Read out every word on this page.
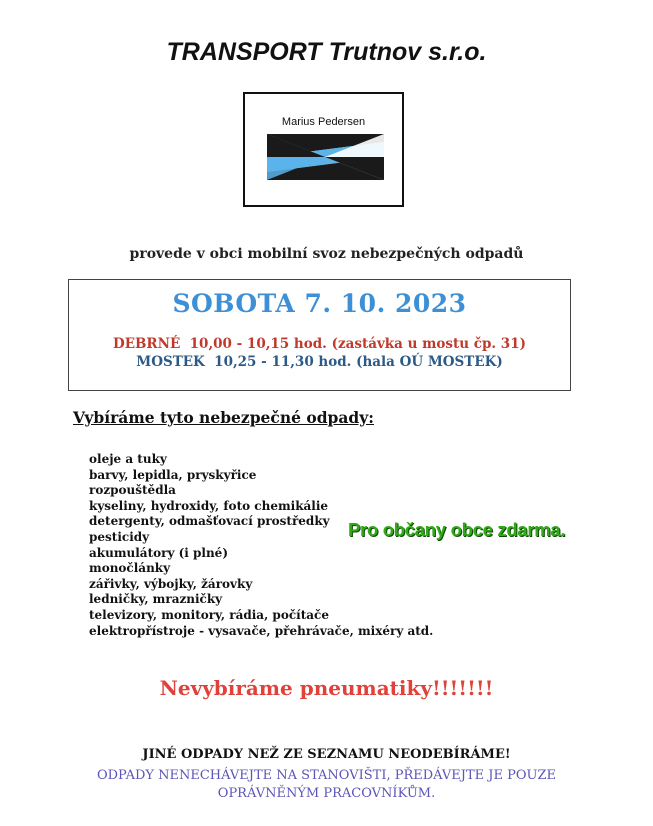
TRANSPORT Trutnov s.r.o.
Marius Pedersen
provede v obci mobilní svoz nebezpečných odpadů
SOBOTA 7. 10. 2023
DEBRNÉ  10,00 - 10,15 hod. (zastávka u mostu čp. 31)
MOSTEK  10,25 - 11,30 hod. (hala OÚ MOSTEK)
Vybíráme tyto nebezpečné odpady:
oleje a tuky
barvy, lepidla, pryskyřice
rozpouštědla
kyseliny, hydroxidy, foto chemikálie
detergenty, odmašťovací prostředky
pesticidy
akumulátory (i plné)
monočlánky
zářivky, výbojky, žárovky
ledničky, mrazničky
televizory, monitory, rádia, počítače
elektropřístroje - vysavače, přehrávače, mixéry atd.
Pro občany obce zdarma.
Nevybíráme pneumatiky!!!!!!!
JINÉ ODPADY NEŽ ZE SEZNAMU NEODEBÍRÁME!
ODPADY NENECHÁVEJTE NA STANOVIŠTI, PŘEDÁVEJTE JE POUZE
OPRÁVNĚNÝM PRACOVNÍKŮM.
